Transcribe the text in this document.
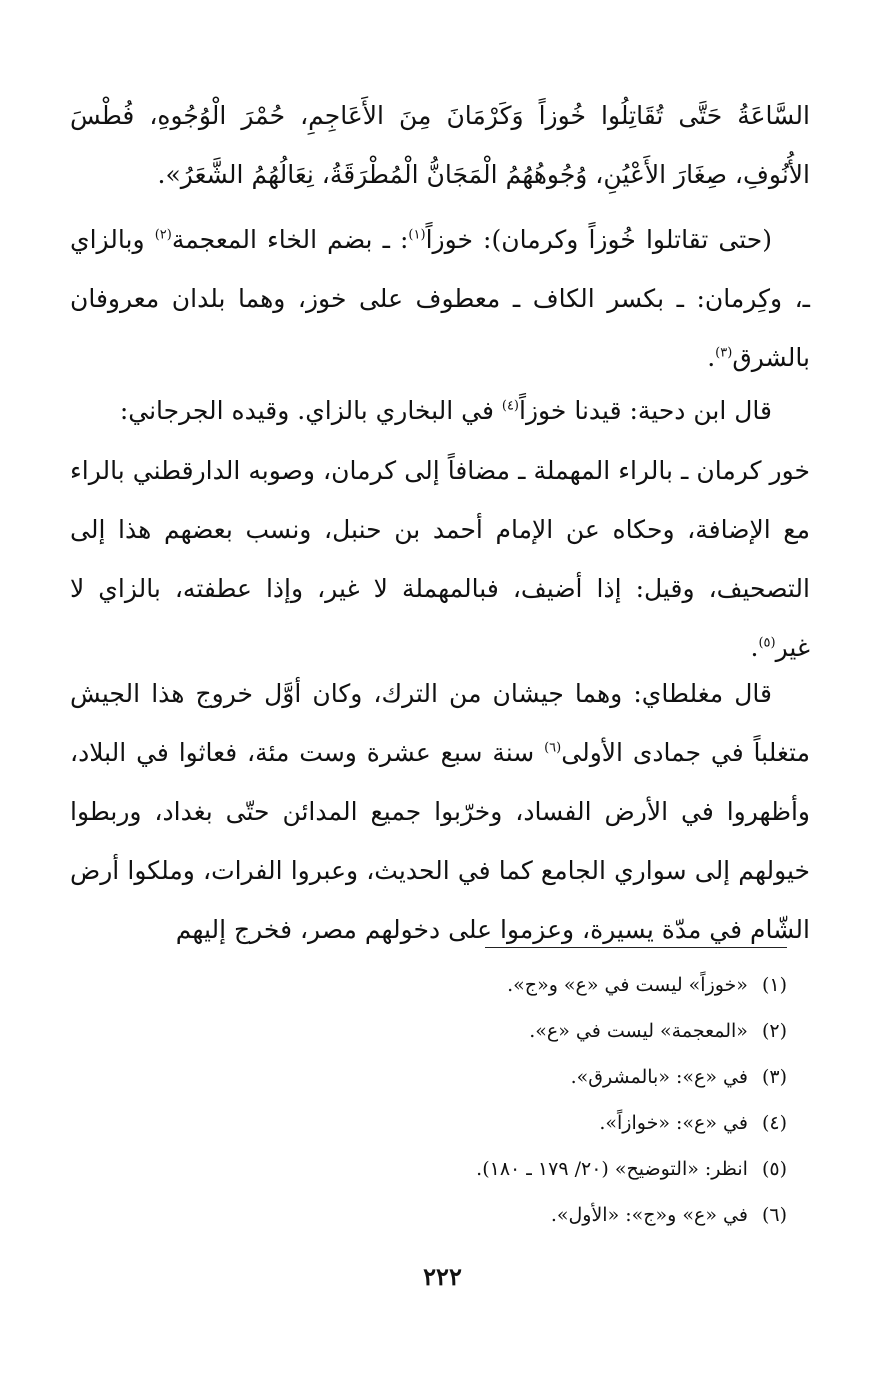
السَّاعَةُ حَتَّى تُقَاتِلُوا خُوزاً وَكَرْمَانَ مِنَ الأَعَاجِمِ، حُمْرَ الْوُجُوهِ، فُطْسَ الأُنُوفِ، صِغَارَ الأَعْيُنِ، وُجُوهُهُمُ الْمَجَانُّ الْمُطْرَقَةُ، نِعَالُهُمُ الشَّعَرُ».

(حتى تقاتلوا خُوزاً وكرمان): خوزاً$^{(١)}$: ـ بضم الخاء المعجمة$^{(٢)}$ وبالزاي ـ، وكِرمان: ـ بكسر الكاف ـ معطوف على خوز، وهما بلدان معروفان بالشرق$^{(٣)}$.

قال ابن دحية: قيدنا خوزاً$^{(٤)}$ في البخاري بالزاي. وقيده الجرجاني:

خور كرمان ـ بالراء المهملة ـ مضافاً إلى كرمان، وصوبه الدارقطني بالراء مع الإضافة، وحكاه عن الإمام أحمد بن حنبل، ونسب بعضهم هذا إلى التصحيف، وقيل: إذا أضيف، فبالمهملة لا غير، وإذا عطفته، بالزاي لا غير$^{(٥)}$.

قال مغلطاي: وهما جيشان من الترك، وكان أوَّل خروج هذا الجيش متغلباً في جمادى الأولى$^{(٦)}$ سنة سبع عشرة وست مئة، فعاثوا في البلاد، وأظهروا في الأرض الفساد، وخرّبوا جميع المدائن حتّى بغداد، وربطوا خيولهم إلى سواري الجامع كما في الحديث، وعبروا الفرات، وملكوا أرض الشّام في مدّة يسيرة، وعزموا على دخولهم مصر، فخرج إليهم

(١)«خوزاً» ليست في «ع» و«ج».
(٢)«المعجمة» ليست في «ع».
(٣)في «ع»: «بالمشرق».
(٤)في «ع»: «خوازاً».
(٥)انظر: «التوضيح» (٢٠/ ١٧٩ ـ ١٨٠).
(٦)في «ع» و«ج»: «الأول».
٢٢٢
